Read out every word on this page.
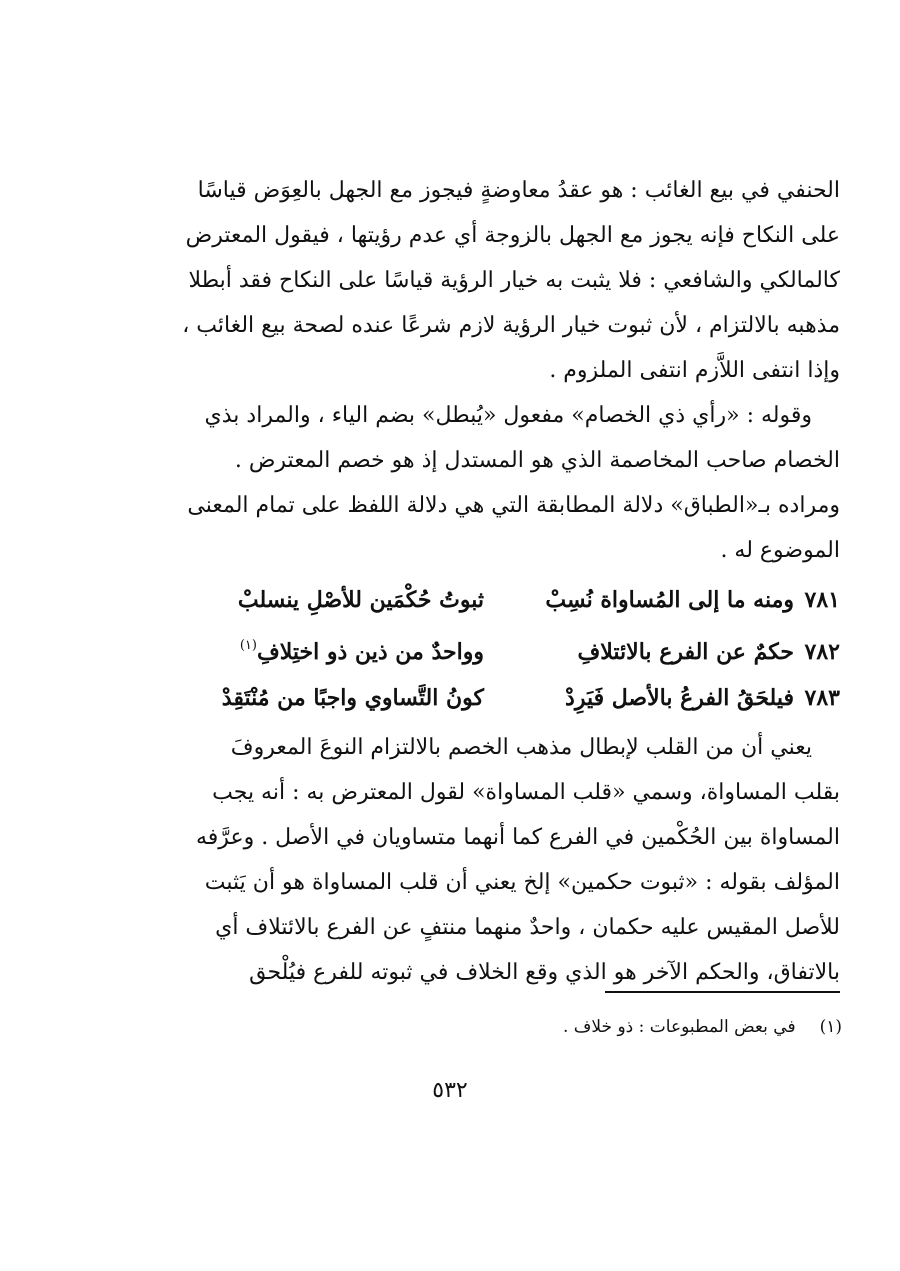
الحنفي في بيع الغائب : هو عقدُ معاوضةٍ فيجوز مع الجهل بالعِوَض قياسًا
على النكاح فإنه يجوز مع الجهل بالزوجة أي عدم رؤيتها ، فيقول المعترض
كالمالكي والشافعي : فلا يثبت به خيار الرؤية قياسًا على النكاح فقد أبطلا
مذهبه بالالتزام ، لأن ثبوت خيار الرؤية لازم شرعًا عنده لصحة بيع الغائب ،
وإذا انتفى اللاَّزم انتفى الملزوم .

وقوله : «رأي ذي الخصام» مفعول «يُبطل» بضم الياء ، والمراد بذي
الخصام صاحب المخاصمة الذي هو المستدل إذ هو خصم المعترض .
ومراده بـ«الطباق» دلالة المطابقة التي هي دلالة اللفظ على تمام المعنى
الموضوع له .

٧٨١
ومنه ما إلى المُساواة نُسِبْ
ثبوتُ حُكْمَين للأصْلِ ينسلبْ
٧٨٢
حكمٌ عن الفرع بالائتلافِ
وواحدٌ من ذين ذو اختِلافِ$^{(١)}$
٧٨٣
فيلحَقُ الفرعُ بالأصل فَيَرِدْ
كونُ التَّساوي واجبًا من مُنْتَقِدْ

يعني أن من القلب لإبطال مذهب الخصم بالالتزام النوعَ المعروفَ
بقلب المساواة، وسمي «قلب المساواة» لقول المعترض به : أنه يجب
المساواة بين الحُكْمين في الفرع كما أنهما متساويان في الأصل . وعرَّفه
المؤلف بقوله : «ثبوت حكمين» إلخ يعني أن قلب المساواة هو أن يَثبت
للأصل المقيس عليه حكمان ، واحدٌ منهما منتفٍ عن الفرع بالائتلاف أي
بالاتفاق، والحكم الآخر هو الذي وقع الخلاف في ثبوته للفرع فيُلْحق

(١)في بعض المطبوعات : ذو خلاف .
٥٣٢
